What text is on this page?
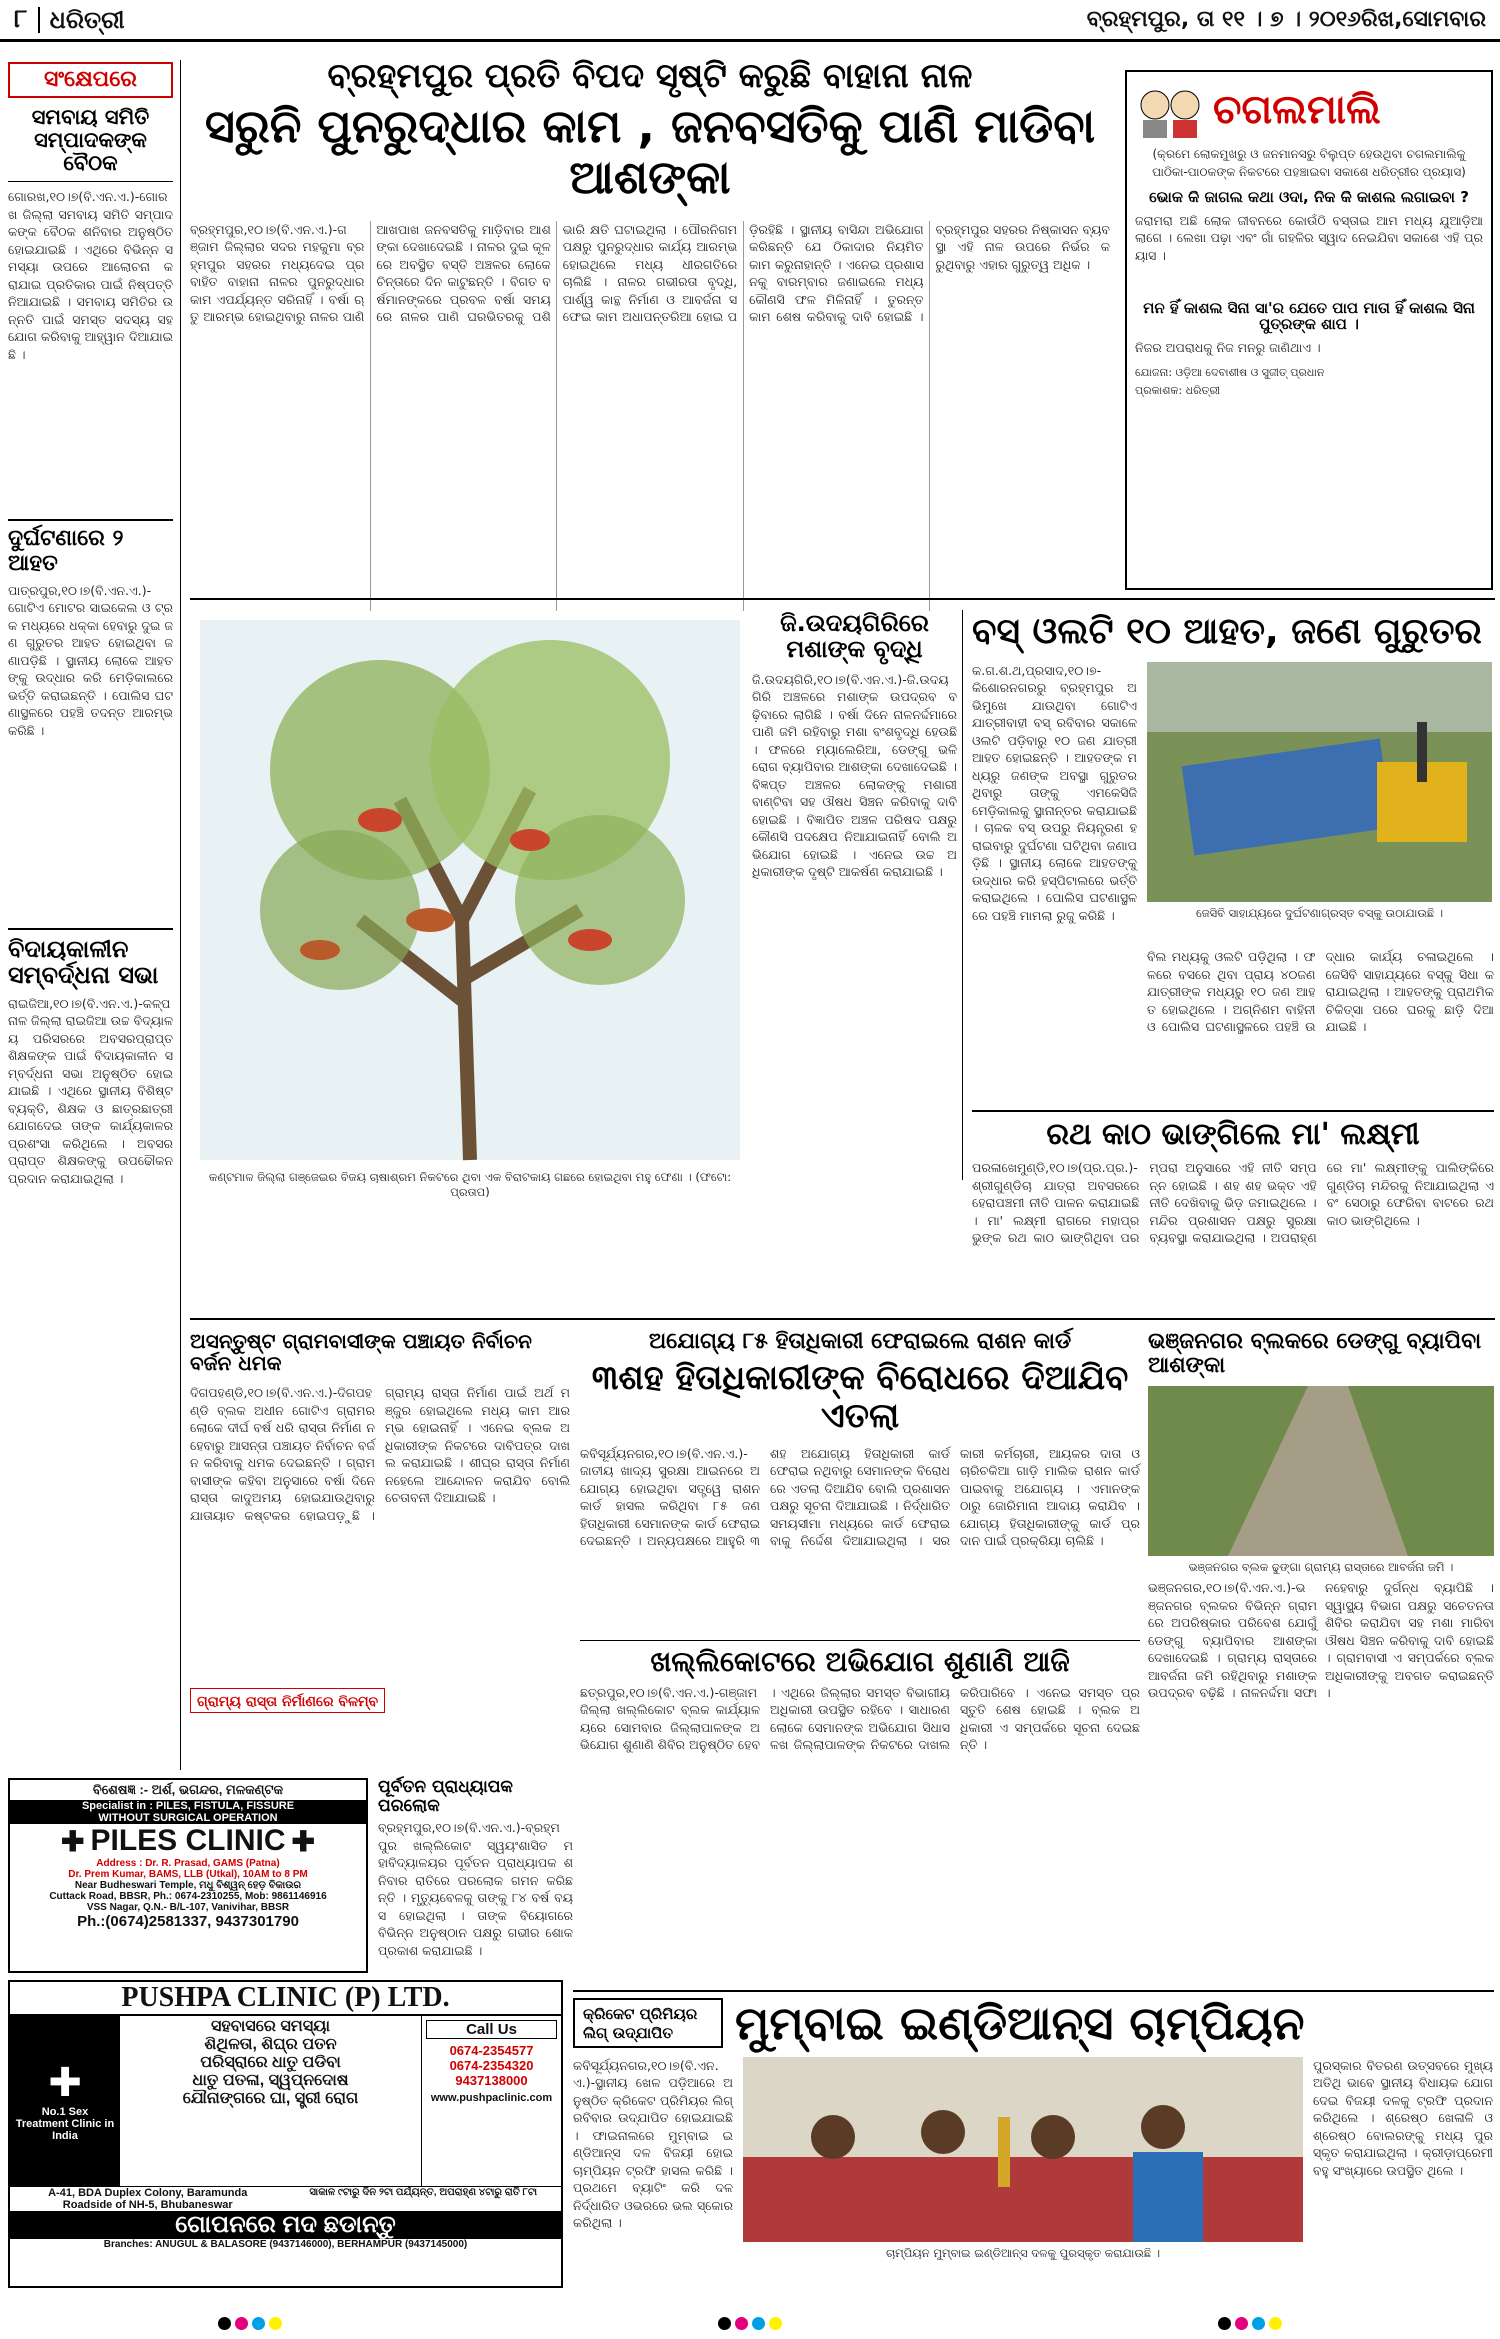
୮ ଧରିତ୍ରୀ	ବ୍ରହ୍ମପୁର, ତା ୧୧ । ୭ । ୨୦୧୬ରିଖ,ସୋମବାର
ସଂକ୍ଷେପରେ
ସମବାୟ ସମିତି ସମ୍ପାଦକଙ୍କ ବୈଠକ
ଗୋରଖ,୧୦।୭(ବି.ଏନ.ଏ.)-ଗୋରଖ ଜିଲ୍ଲା ସମବାୟ ସମିତି ସମ୍ପାଦକଙ୍କ ବୈଠକ ଶନିବାର ଅନୁଷ୍ଠିତ ହୋଇଯାଇଛି । ଏଥିରେ ବିଭିନ୍ନ ସମସ୍ୟା ଉପରେ ଆଲୋଚନା କରାଯାଇ ପ୍ରତିକାର ପାଇଁ ନିଷ୍ପତ୍ତି ନିଆଯାଇଛି । ସମବାୟ ସମିତିର ଉନ୍ନତି ପାଇଁ ସମସ୍ତ ସଦସ୍ୟ ସହଯୋଗ କରିବାକୁ ଆହ୍ୱାନ ଦିଆଯାଇଛି ।
ଦୁର୍ଘଟଣାରେ ୨ ଆହତ
ପାତ୍ରପୁର,୧୦।୭(ବି.ଏନ.ଏ.)-ଗୋଟିଏ ମୋଟର ସାଇକେଲ ଓ ଟ୍ରକ ମଧ୍ୟରେ ଧକ୍କା ହେବାରୁ ଦୁଇ ଜଣ ଗୁରୁତର ଆହତ ହୋଇଥିବା ଜଣାପଡ଼ିଛି । ସ୍ଥାନୀୟ ଲୋକେ ଆହତଙ୍କୁ ଉଦ୍ଧାର କରି ମେଡ଼ିକାଲରେ ଭର୍ତ୍ତି କରାଇଛନ୍ତି । ପୋଲିସ ଘଟଣାସ୍ଥଳରେ ପହଞ୍ଚି ତଦନ୍ତ ଆରମ୍ଭ କରିଛି ।
ବିଦାୟକାଳୀନ ସମ୍ବର୍ଦ୍ଧନା ସଭା
ରାଇଜିଆ,୧୦।୭(ବି.ଏନ.ଏ.)-କଳ୍ପନାଳ ଜିଲ୍ଲା ରାଇଜିଆ ଉଚ୍ଚ ବିଦ୍ୟାଳୟ ପରିସରରେ ଅବସରପ୍ରାପ୍ତ ଶିକ୍ଷକଙ୍କ ପାଇଁ ବିଦାୟକାଳୀନ ସମ୍ବର୍ଦ୍ଧନା ସଭା ଅନୁଷ୍ଠିତ ହୋଇଯାଇଛି । ଏଥିରେ ସ୍ଥାନୀୟ ବିଶିଷ୍ଟ ବ୍ୟକ୍ତି, ଶିକ୍ଷକ ଓ ଛାତ୍ରଛାତ୍ରୀ ଯୋଗଦେଇ ତାଙ୍କ କାର୍ଯ୍ୟକାଳର ପ୍ରଶଂସା କରିଥିଲେ । ଅବସରପ୍ରାପ୍ତ ଶିକ୍ଷକଙ୍କୁ ଉପଢୌକନ ପ୍ରଦାନ କରାଯାଇଥିଲା ।
ବ୍ରହ୍ମପୁର ପ୍ରତି ବିପଦ ସୃଷ୍ଟି କରୁଛି ବାହାନା ନାଳ
ସରୁନି ପୁନରୁଦ୍ଧାର କାମ , ଜନବସତିକୁ ପାଣି ମାଡିବା ଆଶଙ୍କା
ବ୍ରହ୍ମପୁର,୧୦।୭(ବି.ଏନ.ଏ.)-ଗଞ୍ଜାମ ଜିଲ୍ଲାର ସଦର ମହକୁମା ବ୍ରହ୍ମପୁର ସହରର ମଧ୍ୟଦେଇ ପ୍ରବାହିତ ବାହାନା ନାଳର ପୁନରୁଦ୍ଧାର କାମ ଏପର୍ଯ୍ୟନ୍ତ ସରିନାହିଁ । ବର୍ଷା ଋତୁ ଆରମ୍ଭ ହୋଇଥିବାରୁ ନାଳର ପାଣି ଆଖପାଖ ଜନବସତିକୁ ମାଡ଼ିବାର ଆଶଙ୍କା ଦେଖାଦେଇଛି । ନାଳର ଦୁଇ କୂଳରେ ଅବସ୍ଥିତ ବସ୍ତି ଅଞ୍ଚଳର ଲୋକେ ଚିନ୍ତାରେ ଦିନ କାଟୁଛନ୍ତି । ବିଗତ ବର୍ଷମାନଙ୍କରେ ପ୍ରବଳ ବର୍ଷା ସମୟରେ ନାଳର ପାଣି ଘରଭିତରକୁ ପଶି ଭାରି କ୍ଷତି ଘଟାଇଥିଲା । ପୌରନିଗମ ପକ୍ଷରୁ ପୁନରୁଦ୍ଧାର କାର୍ଯ୍ୟ ଆରମ୍ଭ ହୋଇଥିଲେ ମଧ୍ୟ ଧୀରଗତିରେ ଚାଲିଛି । ନାଳର ଗଭୀରତା ବୃଦ୍ଧି, ପାର୍ଶ୍ୱ କାନ୍ଥ ନିର୍ମାଣ ଓ ଆବର୍ଜନା ସଫେଇ କାମ ଅଧାପନ୍ତରିଆ ହୋଇ ପଡ଼ିରହିଛି । ସ୍ଥାନୀୟ ବାସିନ୍ଦା ଅଭିଯୋଗ କରିଛନ୍ତି ଯେ ଠିକାଦାର ନିୟମିତ କାମ କରୁନାହାନ୍ତି । ଏନେଇ ପ୍ରଶାସନକୁ ବାରମ୍ବାର ଜଣାଇଲେ ମଧ୍ୟ କୌଣସି ଫଳ ମିଳିନାହିଁ । ତୁରନ୍ତ କାମ ଶେଷ କରିବାକୁ ଦାବି ହୋଇଛି । ବ୍ରହ୍ମପୁର ସହରର ନିଷ୍କାସନ ବ୍ୟବସ୍ଥା ଏହି ନାଳ ଉପରେ ନିର୍ଭର କରୁଥିବାରୁ ଏହାର ଗୁରୁତ୍ୱ ଅଧିକ ।
ଚଗଲମାଲି
(କ୍ରମେ ଲୋକମୁଖରୁ ଓ ଜନମାନସରୁ ବିଲୁପ୍ତ ହେଉଥିବା ଚଗଲମାଲିକୁ ପାଠିକା-ପାଠକଙ୍କ ନିକଟରେ ପହଞ୍ଚାଇବା ସକାଶେ ଧରିତ୍ରୀର ପ୍ରୟାସ)
ଭୋକ କି ଜାଗଲ କଥା ଓଦା, ନିକ କି କାଶଲ ଲଗାଇବା ?
ଜରାମରା ଅଛି ଲୋକ ଜୀବନରେ କୋଉଁଠି ବସ୍ତାଇ ଆମ ମଧ୍ୟ ଯୁଆଡ଼ିଆ ଲାଗେ । ଲେଖା ପଢ଼ା ଏବଂ ଗାଁ ଗହଳିର ସ୍ୱାଦ ନେଇଯିବା ସକାଶେ ଏହି ପ୍ରୟାସ ।
ମନ ହିଁ କାଶଲ ସିନା ସା'ର ଯେତେ ପାପ ମାତା ହିଁ କାଶଲ ସିନା ପୁତ୍ରଙ୍କ ଶାପ ।
ନିଜର ଅପରାଧକୁ ନିଜ ମନରୁ ଜାଣିଥାଏ ।
ଯୋଜନା: ଓଡ଼ିଆ ଦେବାଶୀଷ ଓ ସୁଜୀତ୍ ପ୍ରଧାନ
ପ୍ରକାଶକ: ଧରିତ୍ରୀ
କଣ୍ଟମାଳ ଜିଲ୍ଲା ଗଞ୍ଜେଇର ବିଜୟ ଚାଷାଶ୍ରମ ନିକଟରେ ଥିବା ଏକ ବିରାଟକାୟ ଗଛରେ ହୋଇଥିବା ମହୁ ଫେଣା । (ଫଟୋ: ପ୍ରତାପ)
ଜି.ଉଦୟଗିରିରେ ମଶାଙ୍କ ବୃଦ୍ଧି
ଜି.ଉଦୟଗିରି,୧୦।୭(ବି.ଏନ.ଏ.)-ଜି.ଉଦୟଗିରି ଅଞ୍ଚଳରେ ମଶାଙ୍କ ଉପଦ୍ରବ ବଢ଼ିବାରେ ଲାଗିଛି । ବର୍ଷା ଦିନେ ନାଳନର୍ଦ୍ଦମାରେ ପାଣି ଜମି ରହିବାରୁ ମଶା ବଂଶବୃଦ୍ଧି ହେଉଛି । ଫଳରେ ମ୍ୟାଲେରିଆ, ଡେଙ୍ଗୁ ଭଳି ରୋଗ ବ୍ୟାପିବାର ଆଶଙ୍କା ଦେଖାଦେଇଛି । ବିଜ୍ଞପ୍ତ ଅଞ୍ଚଳର ଲୋକଙ୍କୁ ମଶାରୀ ବାଣ୍ଟିବା ସହ ଔଷଧ ସିଞ୍ଚନ କରିବାକୁ ଦାବି ହୋଇଛି । ବିଜ୍ଞାପିତ ଅଞ୍ଚଳ ପରିଷଦ ପକ୍ଷରୁ କୌଣସି ପଦକ୍ଷେପ ନିଆଯାଇନାହିଁ ବୋଲି ଅଭିଯୋଗ ହୋଇଛି । ଏନେଇ ଉଚ୍ଚ ଅଧିକାରୀଙ୍କ ଦୃଷ୍ଟି ଆକର୍ଷଣ କରାଯାଇଛି ।
ବସ୍ ଓଲଟି ୧୦ ଆହତ, ଜଣେ ଗୁରୁତର
କ.ଗ.ଶ.ଥ,ପ୍ରସାଦ,୧୦।୭-କିଶୋରନଗରରୁ ବ୍ରହ୍ମପୁର ଅଭିମୁଖେ ଯାଉଥିବା ଗୋଟିଏ ଯାତ୍ରୀବାହୀ ବସ୍ ରବିବାର ସକାଳେ ଓଲଟି ପଡ଼ିବାରୁ ୧୦ ଜଣ ଯାତ୍ରୀ ଆହତ ହୋଇଛନ୍ତି । ଆହତଙ୍କ ମଧ୍ୟରୁ ଜଣଙ୍କ ଅବସ୍ଥା ଗୁରୁତର ଥିବାରୁ ତାଙ୍କୁ ଏମକେସିଜି ମେଡ଼ିକାଲକୁ ସ୍ଥାନାନ୍ତର କରାଯାଇଛି । ଚାଳକ ବସ୍ ଉପରୁ ନିୟନ୍ତ୍ରଣ ହରାଇବାରୁ ଦୁର୍ଘଟଣା ଘଟିଥିବା ଜଣାପଡ଼ିଛି । ସ୍ଥାନୀୟ ଲୋକେ ଆହତଙ୍କୁ ଉଦ୍ଧାର କରି ହସ୍ପିଟାଲରେ ଭର୍ତ୍ତି କରାଇଥିଲେ । ପୋଲିସ ଘଟଣାସ୍ଥଳରେ ପହଞ୍ଚି ମାମଲା ରୁଜୁ କରିଛି ।	ଜେସିବି ସାହାଯ୍ୟରେ ଦୁର୍ଘଟଣାଗ୍ରସ୍ତ ବସ୍‌କୁ ଉଠାଯାଉଛି ।
ବିଲ ମଧ୍ୟକୁ ଓଲଟି ପଡ଼ିଥିଲା । ଫଳରେ ବସରେ ଥିବା ପ୍ରାୟ ୪୦ଜଣ ଯାତ୍ରୀଙ୍କ ମଧ୍ୟରୁ ୧୦ ଜଣ ଆହତ ହୋଇଥିଲେ । ଅଗ୍ନିଶମ ବାହିନୀ ଓ ପୋଲିସ ଘଟଣାସ୍ଥଳରେ ପହଞ୍ଚି ଉଦ୍ଧାର କାର୍ଯ୍ୟ ଚଳାଇଥିଲେ । ଜେସିବି ସାହାଯ୍ୟରେ ବସ୍‌କୁ ସିଧା କରାଯାଇଥିଲା । ଆହତଙ୍କୁ ପ୍ରାଥମିକ ଚିକିତ୍ସା ପରେ ଘରକୁ ଛାଡ଼ି ଦିଆଯାଇଛି ।
ରଥ କାଠ ଭାଙ୍ଗିଲେ ମା' ଲକ୍ଷ୍ମୀ
ପରଳାଖେମୁଣ୍ଡି,୧୦।୭(ପ୍ର.ପ୍ର.)-ଶ୍ରୀଗୁଣ୍ଡିଚା ଯାତ୍ରା ଅବସରରେ ହେରାପଞ୍ଚମୀ ନୀତି ପାଳନ କରାଯାଇଛି । ମା' ଲକ୍ଷ୍ମୀ ରାଗରେ ମହାପ୍ରଭୁଙ୍କ ରଥ କାଠ ଭାଙ୍ଗିଥିବା ପରମ୍ପରା ଅନୁସାରେ ଏହି ନୀତି ସମ୍ପନ୍ନ ହୋଇଛି । ଶହ ଶହ ଭକ୍ତ ଏହି ନୀତି ଦେଖିବାକୁ ଭିଡ଼ ଜମାଇଥିଲେ । ମନ୍ଦିର ପ୍ରଶାସନ ପକ୍ଷରୁ ସୁରକ୍ଷା ବ୍ୟବସ୍ଥା କରାଯାଇଥିଲା । ଅପରାହ୍ଣରେ ମା' ଲକ୍ଷ୍ମୀଙ୍କୁ ପାଲିଙ୍କିରେ ଗୁଣ୍ଡିଚା ମନ୍ଦିରକୁ ନିଆଯାଇଥିଲା ଏବଂ ସେଠାରୁ ଫେରିବା ବାଟରେ ରଥ କାଠ ଭାଙ୍ଗିଥିଲେ ।
ଅସନ୍ତୁଷ୍ଟ ଗ୍ରାମବାସୀଙ୍କ ପଞ୍ଚାୟତ ନିର୍ବାଚନ ବର୍ଜନ ଧମକ
ଦିଗପହଣ୍ଡି,୧୦।୭(ବି.ଏନ.ଏ.)-ଦିଗପହଣ୍ଡି ବ୍ଲକ ଅଧୀନ ଗୋଟିଏ ଗ୍ରାମର ଲୋକେ ଦୀର୍ଘ ବର୍ଷ ଧରି ରାସ୍ତା ନିର୍ମାଣ ନହେବାରୁ ଆସନ୍ତା ପଞ୍ଚାୟତ ନିର୍ବାଚନ ବର୍ଜନ କରିବାକୁ ଧମକ ଦେଇଛନ୍ତି । ଗ୍ରାମବାସୀଙ୍କ କହିବା ଅନୁସାରେ ବର୍ଷା ଦିନେ ରାସ୍ତା କାଦୁଅମୟ ହୋଇଯାଉଥିବାରୁ ଯାତାୟାତ କଷ୍ଟକର ହୋଇପଡ଼ୁଛି । ଗ୍ରାମ୍ୟ ରାସ୍ତା ନିର୍ମାଣ ପାଇଁ ଅର୍ଥ ମଞ୍ଜୁର ହୋଇଥିଲେ ମଧ୍ୟ କାମ ଆରମ୍ଭ ହୋଇନାହିଁ । ଏନେଇ ବ୍ଲକ ଅଧିକାରୀଙ୍କ ନିକଟରେ ଦାବିପତ୍ର ଦାଖଲ କରାଯାଇଛି । ଶୀଘ୍ର ରାସ୍ତା ନିର୍ମାଣ ନହେଲେ ଆନ୍ଦୋଳନ କରାଯିବ ବୋଲି ଚେତାବନୀ ଦିଆଯାଇଛି ।
ଗ୍ରାମ୍ୟ ରାସ୍ତା ନିର୍ମାଣରେ ବିଳମ୍ବ
ଅଯୋଗ୍ୟ ୮୫ ହିତାଧିକାରୀ ଫେରାଇଲେ ରାଶନ କାର୍ଡ
୩ଶହ ହିତାଧିକାରୀଙ୍କ ବିରୋଧରେ ଦିଆଯିବ ଏତଲା
କବିସୂର୍ଯ୍ୟନଗର,୧୦।୭(ବି.ଏନ.ଏ.)-ଜାତୀୟ ଖାଦ୍ୟ ସୁରକ୍ଷା ଆଇନରେ ଅଯୋଗ୍ୟ ହୋଇଥିବା ସତ୍ତ୍ୱେ ରାଶନ କାର୍ଡ ହାସଲ କରିଥିବା ୮୫ ଜଣ ହିତାଧିକାରୀ ସେମାନଙ୍କ କାର୍ଡ ଫେରାଇ ଦେଇଛନ୍ତି । ଅନ୍ୟପକ୍ଷରେ ଆହୁରି ୩ଶହ ଅଯୋଗ୍ୟ ହିତାଧିକାରୀ କାର୍ଡ ଫେରାଇ ନଥିବାରୁ ସେମାନଙ୍କ ବିରୋଧରେ ଏତଲା ଦିଆଯିବ ବୋଲି ପ୍ରଶାସନ ପକ୍ଷରୁ ସୂଚନା ଦିଆଯାଇଛି । ନିର୍ଦ୍ଧାରିତ ସମୟସୀମା ମଧ୍ୟରେ କାର୍ଡ ଫେରାଇବାକୁ ନିର୍ଦ୍ଦେଶ ଦିଆଯାଇଥିଲା । ସରକାରୀ କର୍ମଚାରୀ, ଆୟକର ଦାତା ଓ ଚାରିଚକିଆ ଗାଡ଼ି ମାଲିକ ରାଶନ କାର୍ଡ ପାଇବାକୁ ଅଯୋଗ୍ୟ । ଏମାନଙ୍କ ଠାରୁ ଜୋରିମାନା ଆଦାୟ କରାଯିବ । ଯୋଗ୍ୟ ହିତାଧିକାରୀଙ୍କୁ କାର୍ଡ ପ୍ରଦାନ ପାଇଁ ପ୍ରକ୍ରିୟା ଚାଲିଛି ।
ଭଞ୍ଜନଗର ବ୍ଲକରେ ଡେଙ୍ଗୁ ବ୍ୟାପିବା ଆଶଙ୍କା
ଭଞ୍ଜନଗର ବ୍ଲକ ଢୁଙ୍ଗା ଗ୍ରାମ୍ୟ ରାସ୍ତାରେ ଆବର୍ଜନା ଜମି ।
ଭଞ୍ଜନଗର,୧୦।୭(ବି.ଏନ.ଏ.)-ଭଞ୍ଜନଗର ବ୍ଲକର ବିଭିନ୍ନ ଗ୍ରାମରେ ଅପରିଷ୍କାର ପରିବେଶ ଯୋଗୁଁ ଡେଙ୍ଗୁ ବ୍ୟାପିବାର ଆଶଙ୍କା ଦେଖାଦେଇଛି । ଗ୍ରାମ୍ୟ ରାସ୍ତାରେ ଆବର୍ଜନା ଜମି ରହିଥିବାରୁ ମଶାଙ୍କ ଉପଦ୍ରବ ବଢ଼ିଛି । ନାଳନର୍ଦ୍ଦମା ସଫା ନହେବାରୁ ଦୁର୍ଗନ୍ଧ ବ୍ୟାପିଛି । ସ୍ୱାସ୍ଥ୍ୟ ବିଭାଗ ପକ୍ଷରୁ ସଚେତନତା ଶିବିର କରାଯିବା ସହ ମଶା ମାରିବା ଔଷଧ ସିଞ୍ଚନ କରିବାକୁ ଦାବି ହୋଇଛି । ଗ୍ରାମବାସୀ ଏ ସମ୍ପର୍କରେ ବ୍ଲକ ଅଧିକାରୀଙ୍କୁ ଅବଗତ କରାଇଛନ୍ତି ।
ଖଲ୍ଲିକୋଟରେ ଅଭିଯୋଗ ଶୁଣାଣି ଆଜି
ଛତ୍ରପୁର,୧୦।୭(ବି.ଏନ.ଏ.)-ଗଞ୍ଜାମ ଜିଲ୍ଲା ଖଲ୍ଲିକୋଟ ବ୍ଲକ କାର୍ଯ୍ୟାଳୟରେ ସୋମବାର ଜିଲ୍ଲାପାଳଙ୍କ ଅଭିଯୋଗ ଶୁଣାଣି ଶିବିର ଅନୁଷ୍ଠିତ ହେବ । ଏଥିରେ ଜିଲ୍ଲାର ସମସ୍ତ ବିଭାଗୀୟ ଅଧିକାରୀ ଉପସ୍ଥିତ ରହିବେ । ସାଧାରଣ ଲୋକେ ସେମାନଙ୍କ ଅଭିଯୋଗ ସିଧାସଳଖ ଜିଲ୍ଲାପାଳଙ୍କ ନିକଟରେ ଦାଖଲ କରିପାରିବେ । ଏନେଇ ସମସ୍ତ ପ୍ରସ୍ତୁତି ଶେଷ ହୋଇଛି । ବ୍ଲକ ଅଧିକାରୀ ଏ ସମ୍ପର୍କରେ ସୂଚନା ଦେଇଛନ୍ତି ।
ବିଶେଷଜ୍ଞ :- ଅର୍ଶ, ଭଗନ୍ଦର, ମଳକଣ୍ଟକ
Specialist in : PILES, FISTULA, FISSURE
WITHOUT SURGICAL OPERATION
✚ PILES CLINIC ✚
Address : Dr. R. Prasad, GAMS (Patna)
Dr. Prem Kumar, BAMS, LLB (Utkal), 10AM to 8 PM
Near Budheswari Temple, ମଧୁ ବିଶ୍ୱନ୍ ହେଡ଼ ବିକାଉର
Cuttack Road, BBSR, Ph.: 0674-2310255, Mob: 9861146916
VSS Nagar, Q.N.- B/L-107, Vanivihar, BBSR
Ph.:(0674)2581337, 9437301790
ପୂର୍ବତନ ପ୍ରାଧ୍ୟାପକ ପରଲୋକ
ବ୍ରହ୍ମପୁର,୧୦।୭(ବି.ଏନ.ଏ.)-ବ୍ରହ୍ମପୁର ଖଲ୍ଲିକୋଟ ସ୍ୱୟଂଶାସିତ ମହାବିଦ୍ୟାଳୟର ପୂର୍ବତନ ପ୍ରାଧ୍ୟାପକ ଶନିବାର ରାତିରେ ପରଲୋକ ଗମନ କରିଛନ୍ତି । ମୃତ୍ୟୁବେଳକୁ ତାଙ୍କୁ ୮୪ ବର୍ଷ ବୟସ ହୋଇଥିଲା । ତାଙ୍କ ବିୟୋଗରେ ବିଭିନ୍ନ ଅନୁଷ୍ଠାନ ପକ୍ଷରୁ ଗଭୀର ଶୋକ ପ୍ରକାଶ କରାଯାଇଛି ।
PUSHPA CLINIC (P) LTD.
✚
No.1 Sex Treatment Clinic in India
ସହବାସରେ ସମସ୍ୟା
ଶିଥିଳତା, ଶିଘ୍ର ପତନ
ପରିସ୍ରାରେ ଧାତୁ ପଡିବା
ଧାତୁ ପତଳା, ସ୍ୱପ୍ନଦୋଷ
ଯୌନାଙ୍ଗରେ ଘା, ସ୍ତ୍ରୀ ରୋଗ
Call Us
0674-2354577
0674-2354320
9437138000
www.pushpaclinic.com
A-41, BDA Duplex Colony, Baramunda
Roadside of NH-5, Bhubaneswar
ସାକାଳ ୯ଟାରୁ ଦିନ ୨ଟା ପର୍ଯ୍ୟନ୍ତ, ଅପରାହ୍ଣ ୪ଟାରୁ ରାତି ୮ଟା
ଗୋପନରେ ମଦ ଛଡାନ୍ତୁ
Branches: ANUGUL & BALASORE (9437146000), BERHAMPUR (9437145000)
କ୍ରିକେଟ ପ୍ରିମିୟର ଲିଗ୍ ଉଦ୍‌ଯାପିତ	ମୁମ୍ବାଇ ଇଣ୍ଡିଆନ୍ସ ଚାମ୍ପିୟନ
କବିସୂର୍ଯ୍ୟନଗର,୧୦।୭(ବି.ଏନ.ଏ.)-ସ୍ଥାନୀୟ ଖେଳ ପଡ଼ିଆରେ ଅନୁଷ୍ଠିତ କ୍ରିକେଟ ପ୍ରିମିୟର ଲିଗ୍ ରବିବାର ଉଦ୍‌ଯାପିତ ହୋଇଯାଇଛି । ଫାଇନାଲରେ ମୁମ୍ବାଇ ଇଣ୍ଡିଆନ୍ସ ଦଳ ବିଜୟୀ ହୋଇ ଚାମ୍ପିୟନ ଟ୍ରଫି ହାସଲ କରିଛି । ପ୍ରଥମେ ବ୍ୟାଟିଂ କରି ଦଳ ନିର୍ଦ୍ଧାରିତ ଓଭରରେ ଭଲ ସ୍କୋର କରିଥିଲା ।
ଚାମ୍ପିୟନ ମୁମ୍ବାଇ ଇଣ୍ଡିଆନ୍ସ ଦଳକୁ ପୁରସ୍କୃତ କରାଯାଉଛି ।
ପୁରସ୍କାର ବିତରଣ ଉତ୍ସବରେ ମୁଖ୍ୟ ଅତିଥି ଭାବେ ସ୍ଥାନୀୟ ବିଧାୟକ ଯୋଗ ଦେଇ ବିଜୟୀ ଦଳକୁ ଟ୍ରଫି ପ୍ରଦାନ କରିଥିଲେ । ଶ୍ରେଷ୍ଠ ଖେଳାଳି ଓ ଶ୍ରେଷ୍ଠ ବୋଲରଙ୍କୁ ମଧ୍ୟ ପୁରସ୍କୃତ କରାଯାଇଥିଲା । କ୍ରୀଡ଼ାପ୍ରେମୀ ବହୁ ସଂଖ୍ୟାରେ ଉପସ୍ଥିତ ଥିଲେ ।
